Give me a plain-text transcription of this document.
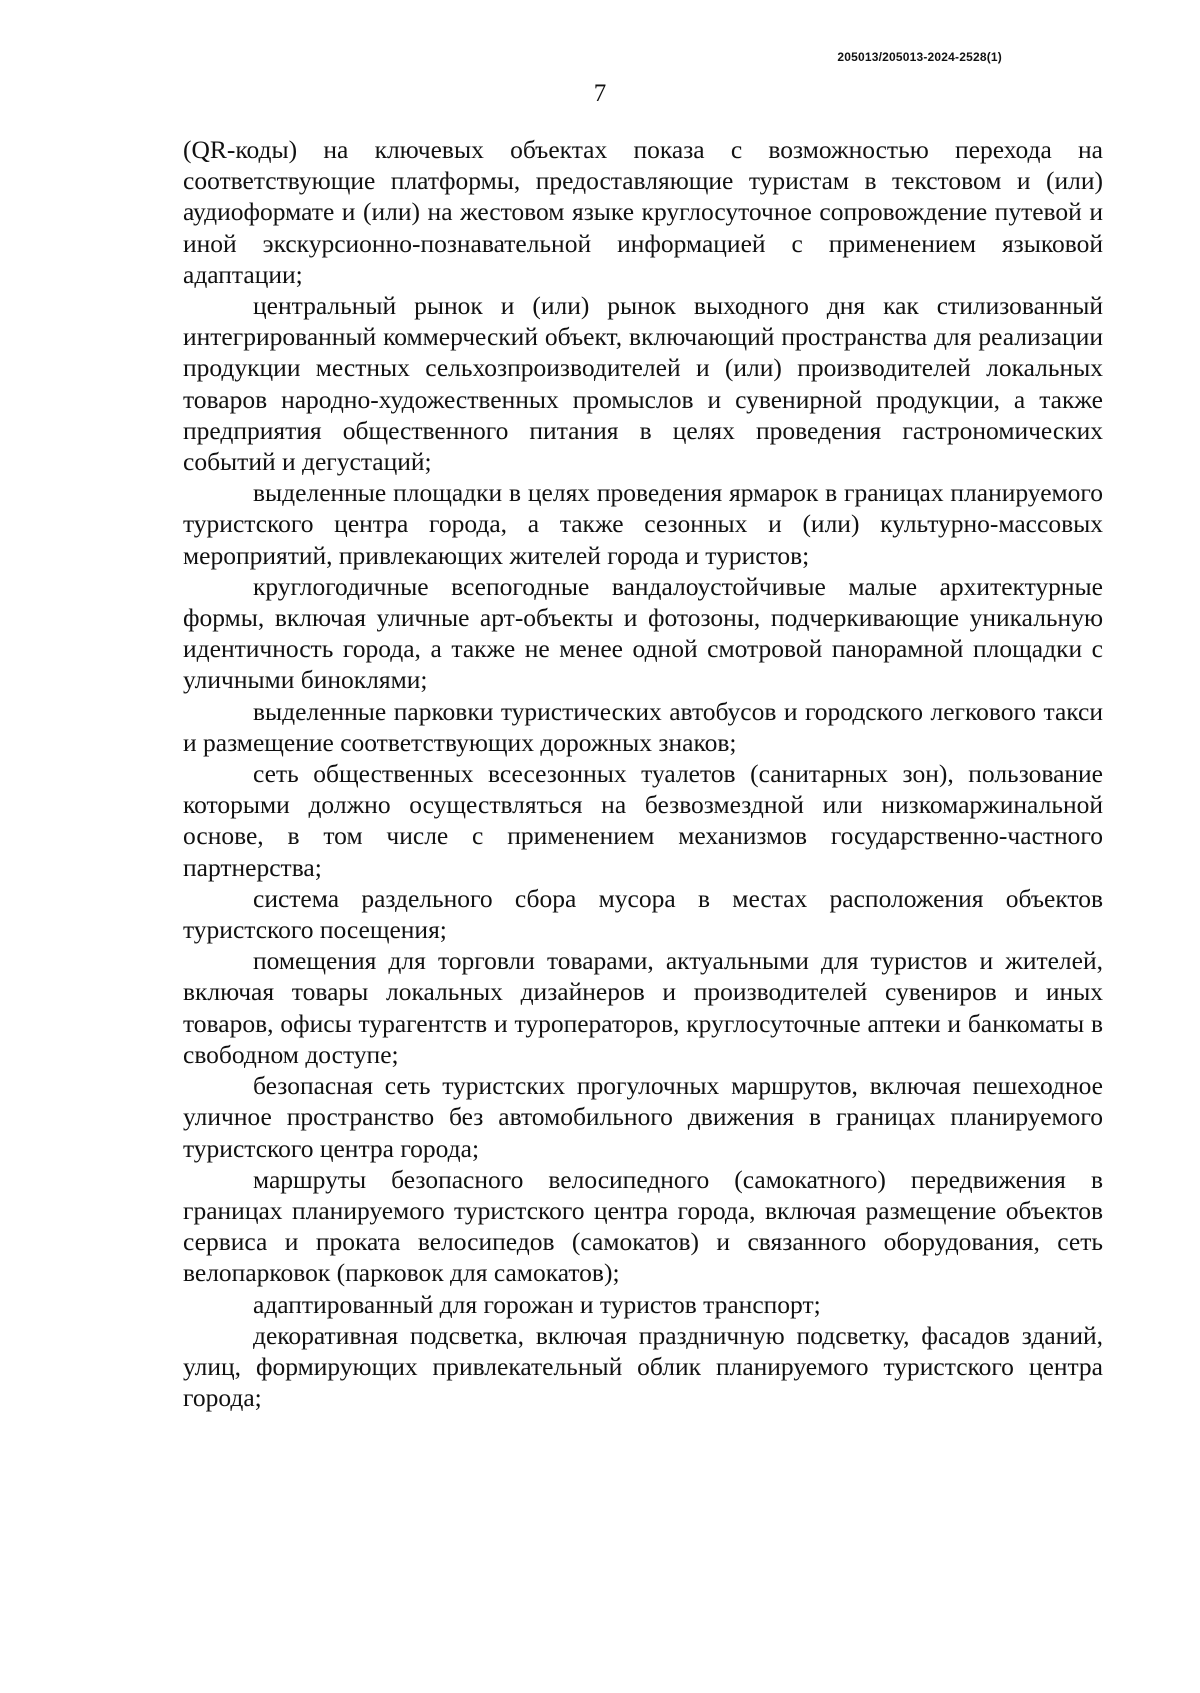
205013/205013-2024-2528(1)
7

(QR-коды) на ключевых объектах показа с возможностью перехода на соответствующие платформы, предоставляющие туристам в текстовом и (или) аудиоформате и (или) на жестовом языке круглосуточное сопровождение путевой и иной экскурсионно-познавательной информацией с применением языковой адаптации;

центральный рынок и (или) рынок выходного дня как стилизованный интегрированный коммерческий объект, включающий пространства для реализации продукции местных сельхозпроизводителей и (или) производителей локальных товаров народно-художественных промыслов и сувенирной продукции, а также предприятия общественного питания в целях проведения гастрономических событий и дегустаций;

выделенные площадки в целях проведения ярмарок в границах планируемого туристского центра города, а также сезонных и (или) культурно-массовых мероприятий, привлекающих жителей города и туристов;

круглогодичные всепогодные вандалоустойчивые малые архитектурные формы, включая уличные арт-объекты и фотозоны, подчеркивающие уникальную идентичность города, а также не менее одной смотровой панорамной площадки с уличными биноклями;

выделенные парковки туристических автобусов и городского легкового такси и размещение соответствующих дорожных знаков;

сеть общественных всесезонных туалетов (санитарных зон), пользование которыми должно осуществляться на безвозмездной или низкомаржинальной основе, в том числе с применением механизмов государственно-частного партнерства;

система раздельного сбора мусора в местах расположения объектов туристского посещения;

помещения для торговли товарами, актуальными для туристов и жителей, включая товары локальных дизайнеров и производителей сувениров и иных товаров, офисы турагентств и туроператоров, круглосуточные аптеки и банкоматы в свободном доступе;

безопасная сеть туристских прогулочных маршрутов, включая пешеходное уличное пространство без автомобильного движения в границах планируемого туристского центра города;

маршруты безопасного велосипедного (самокатного) передвижения в границах планируемого туристского центра города, включая размещение объектов сервиса и проката велосипедов (самокатов) и связанного оборудования, сеть велопарковок (парковок для самокатов);

адаптированный для горожан и туристов транспорт;

декоративная подсветка, включая праздничную подсветку, фасадов зданий, улиц, формирующих привлекательный облик планируемого туристского центра города;
